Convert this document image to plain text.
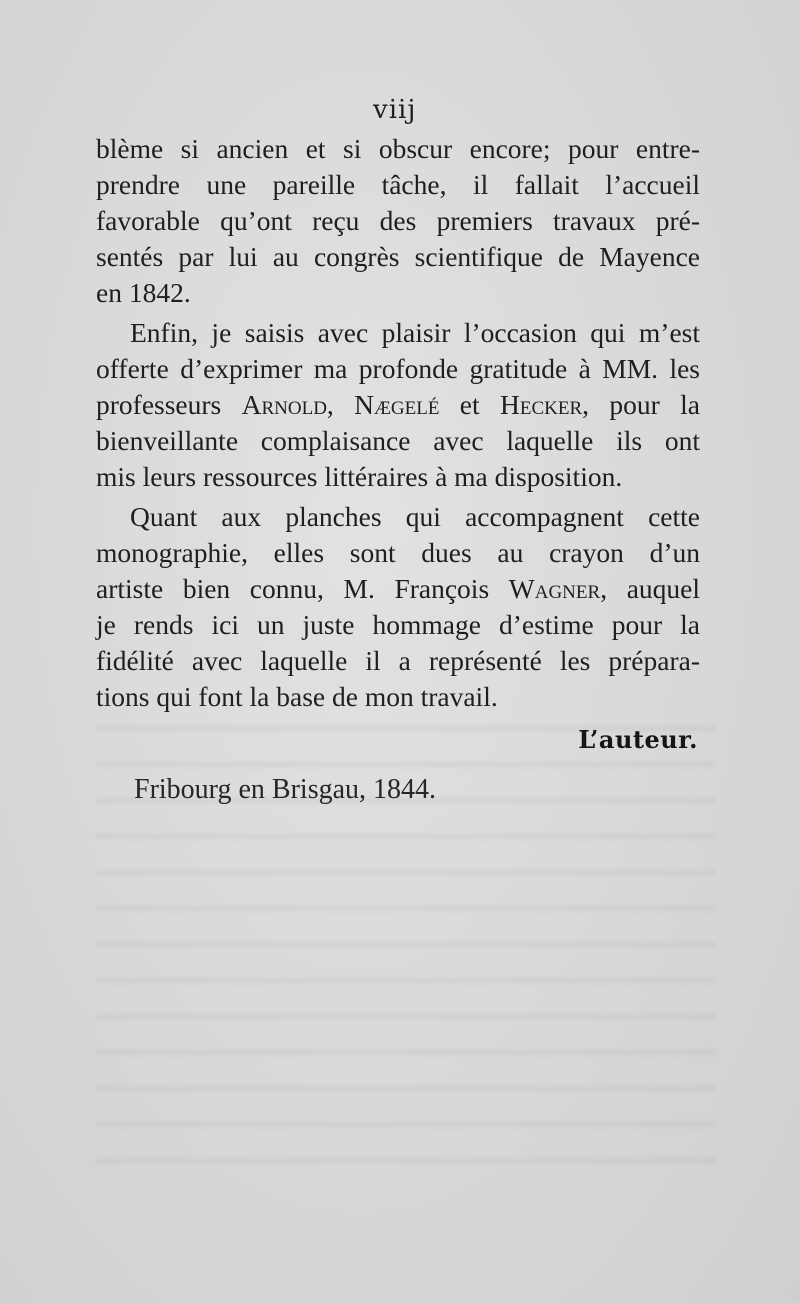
viij
blème si ancien et si obscur encore; pour entre-
prendre une pareille tâche, il fallait l’accueil
favorable qu’ont reçu des premiers travaux pré-
sentés par lui au congrès scientifique de Mayence
en 1842.
Enfin, je saisis avec plaisir l’occasion qui m’est
offerte d’exprimer ma profonde gratitude à MM. les
professeurs Arnold, Nægelé et Hecker, pour la
bienveillante complaisance avec laquelle ils ont
mis leurs ressources littéraires à ma disposition.
Quant aux planches qui accompagnent cette
monographie, elles sont dues au crayon d’un
artiste bien connu, M. François Wagner, auquel
je rends ici un juste hommage d’estime pour la
fidélité avec laquelle il a représenté les prépara-
tions qui font la base de mon travail.
L’auteur.
Fribourg en Brisgau, 1844.
